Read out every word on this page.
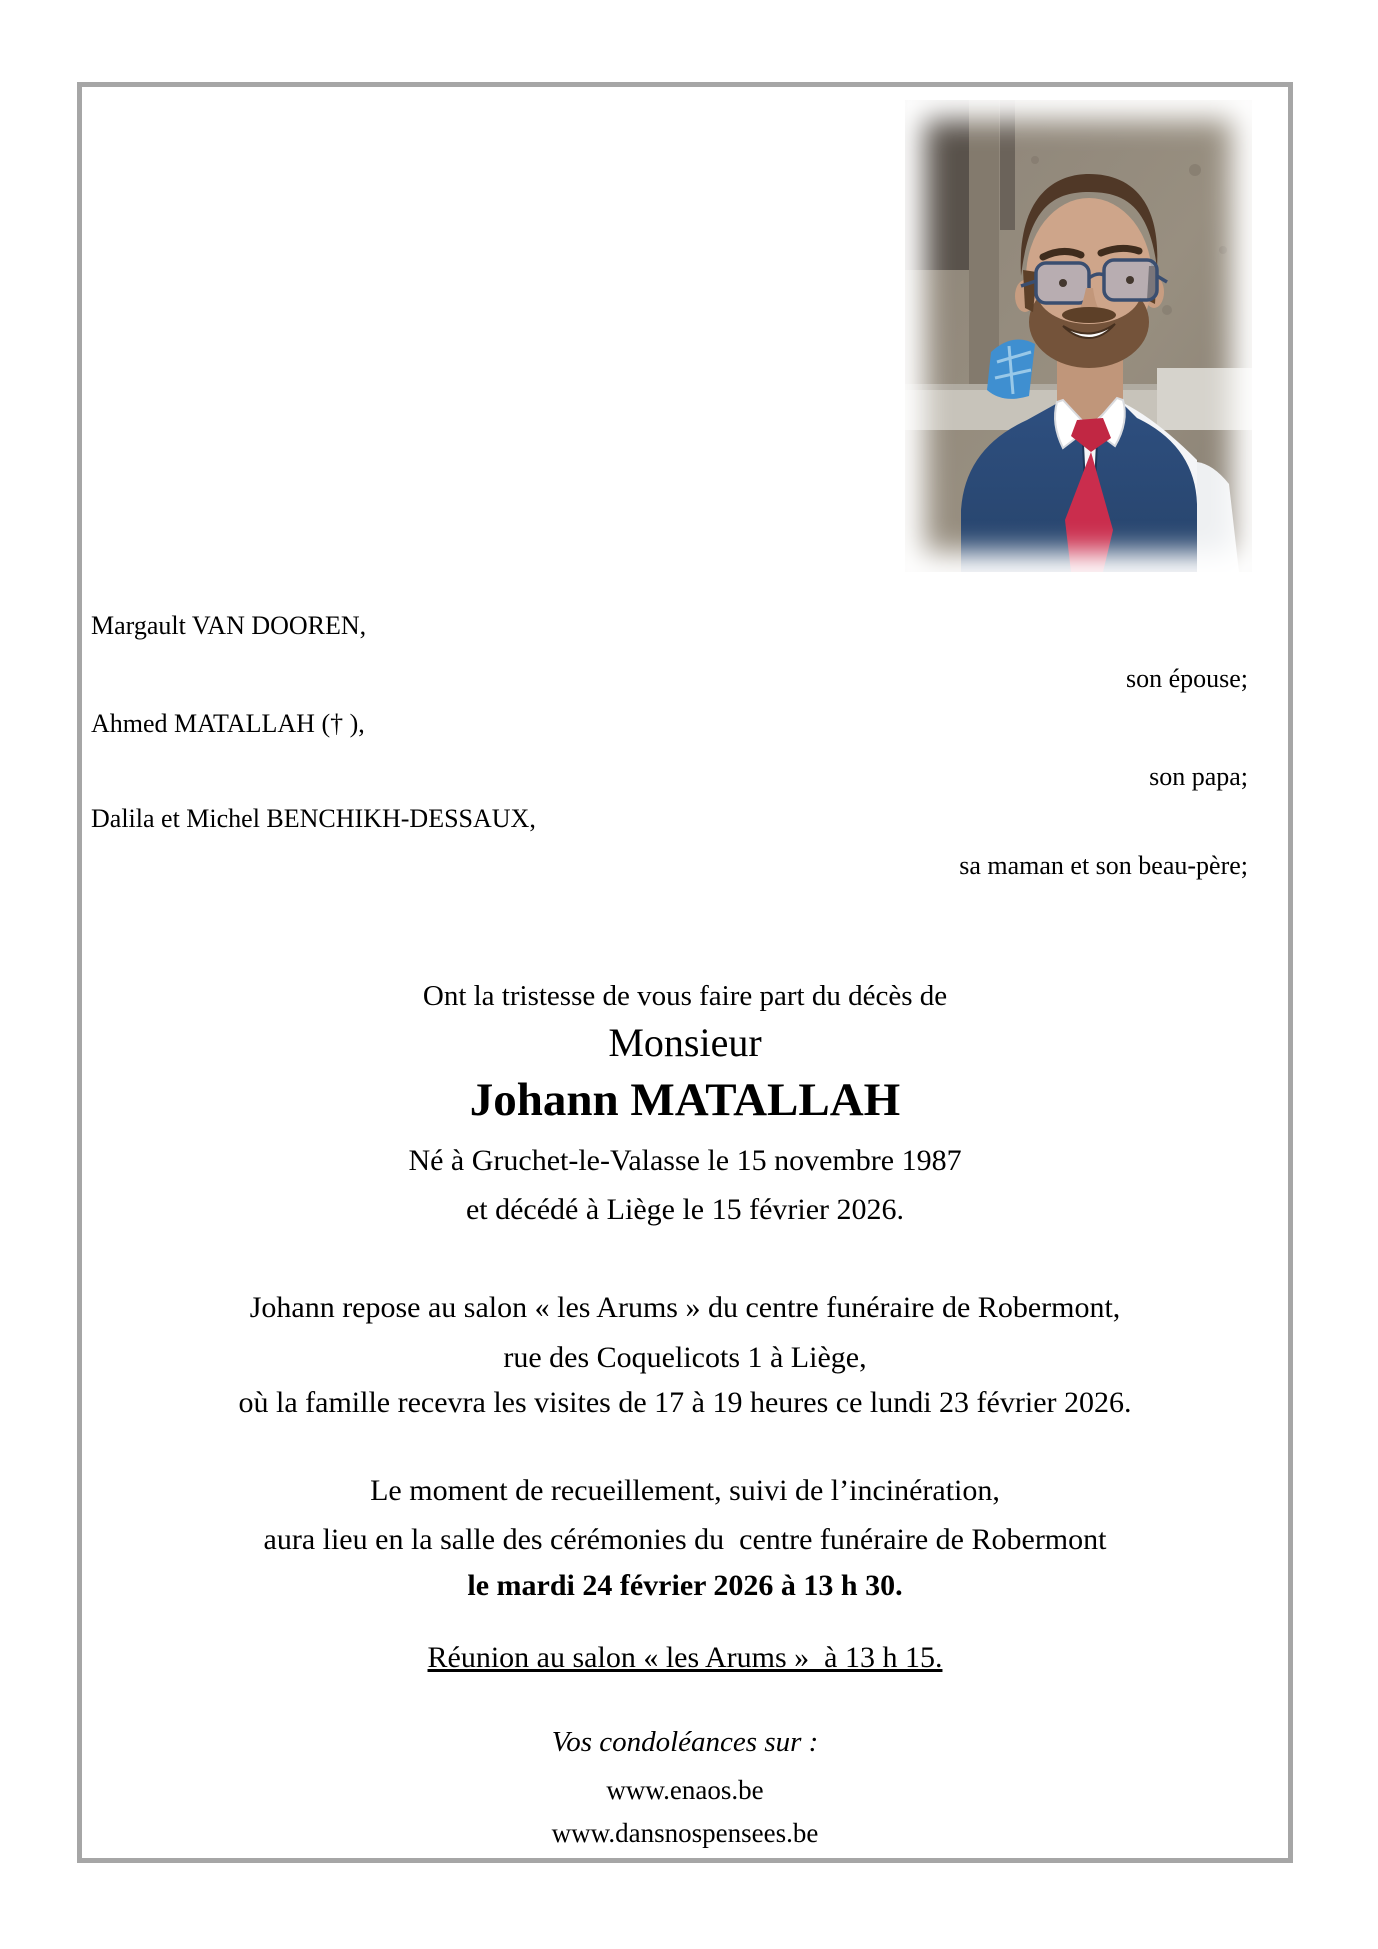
Margault VAN DOOREN,
son épouse;
Ahmed MATALLAH († ),
son papa;
Dalila et Michel BENCHIKH-DESSAUX,
sa maman et son beau-père;
Ont la tristesse de vous faire part du décès de
Monsieur
Johann MATALLAH
Né à Gruchet-le-Valasse le 15 novembre 1987
et décédé à Liège le 15 février 2026.
Johann repose au salon « les Arums » du centre funéraire de Robermont,
rue des Coquelicots 1 à Liège,
où la famille recevra les visites de 17 à 19 heures ce lundi 23 février 2026.
Le moment de recueillement, suivi de l’incinération,
aura lieu en la salle des cérémonies du  centre funéraire de Robermont
le mardi 24 février 2026 à 13 h 30.
Réunion au salon « les Arums »  à 13 h 15.
Vos condoléances sur :
www.enaos.be
www.dansnospensees.be
